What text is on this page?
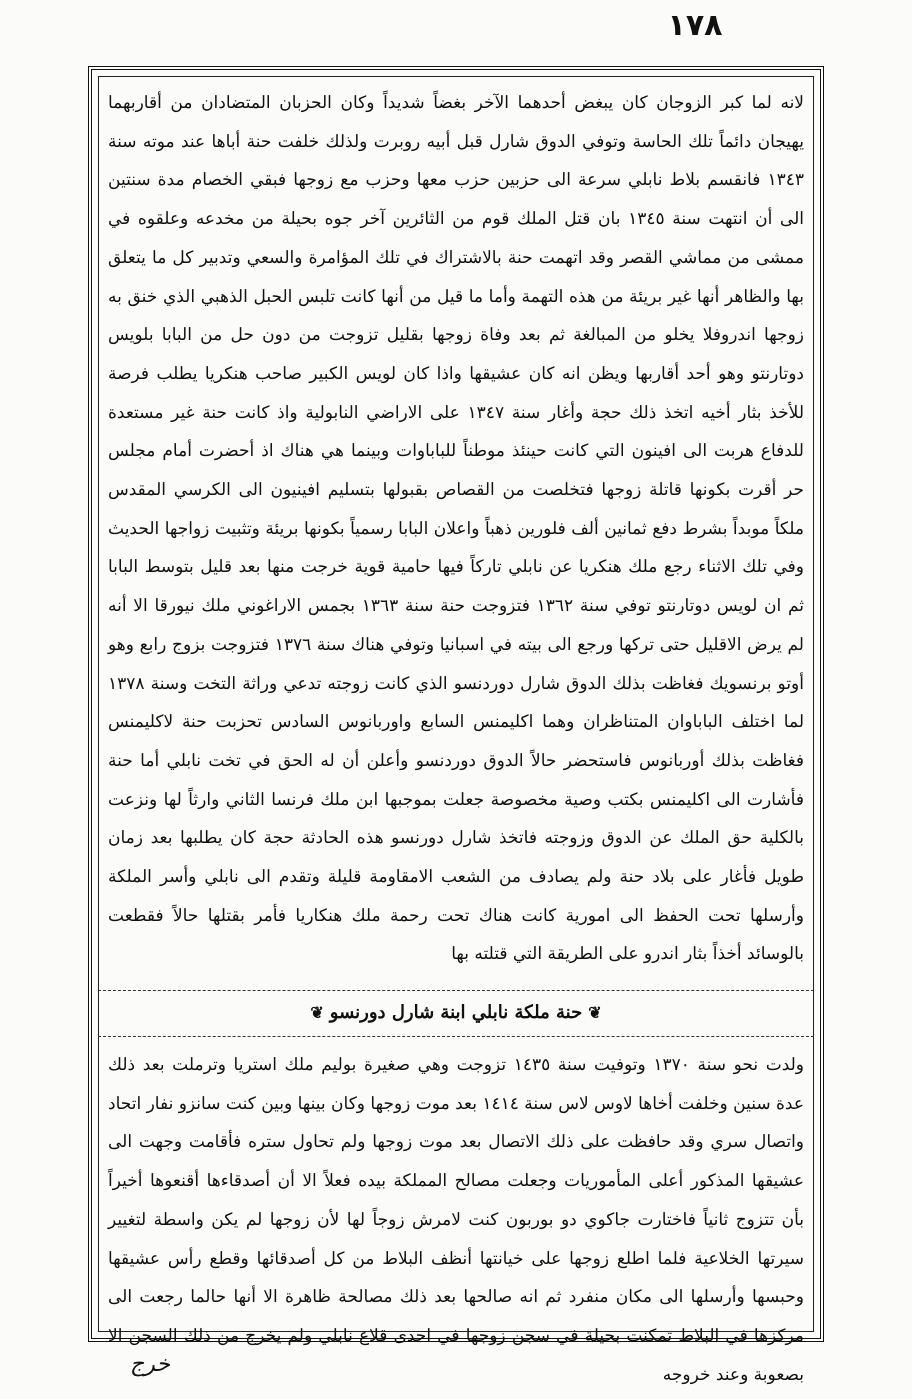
١٧٨

لانه لما كبر الزوجان كان يبغض أحدهما الآخر بغضاً شديداً وكان الحزبان المتضادان من أقاربهما يهيجان دائماً تلك الحاسة وتوفي الدوق شارل قبل أبيه روبرت ولذلك خلفت حنة أباها عند موته سنة ١٣٤٣ فانقسم بلاط نابلي سرعة الى حزبين حزب معها وحزب مع زوجها فبقي الخصام مدة سنتين الى أن انتهت سنة ١٣٤٥ بان قتل الملك قوم من الثائرين آخر جوه بحيلة من مخدعه وعلقوه في ممشى من مماشي القصر وقد اتهمت حنة بالاشتراك في تلك المؤامرة والسعي وتدبير كل ما يتعلق بها والظاهر أنها غير بريئة من هذه التهمة وأما ما قيل من أنها كانت تلبس الحبل الذهبي الذي خنق به زوجها اندروفلا يخلو من المبالغة ثم بعد وفاة زوجها بقليل تزوجت من دون حل من البابا بلويس دوتارنتو وهو أحد أقاربها ويظن انه كان عشيقها واذا كان لويس الكبير صاحب هنكريا يطلب فرصة للأخذ بثار أخيه اتخذ ذلك حجة وأغار سنة ١٣٤٧ على الاراضي النابولية واذ كانت حنة غير مستعدة للدفاع هربت الى افينون التي كانت حينئذ موطناً للباباوات وبينما هي هناك اذ أحضرت أمام مجلس حر أقرت بكونها قاتلة زوجها فتخلصت من القصاص بقبولها بتسليم افينيون الى الكرسي المقدس ملكاً موبداً بشرط دفع ثمانين ألف فلورين ذهباً واعلان البابا رسمياً بكونها بريئة وتثبيت زواجها الحديث وفي تلك الاثناء رجع ملك هنكريا عن نابلي تاركاً فيها حامية قوية خرجت منها بعد قليل بتوسط البابا ثم ان لويس دوتارنتو توفي سنة ١٣٦٢ فتزوجت حنة سنة ١٣٦٣ بجمس الاراغوني ملك نيورقا الا أنه لم يرض الاقليل حتى تركها ورجع الى بيته في اسبانيا وتوفي هناك سنة ١٣٧٦ فتزوجت بزوج رابع وهو أوتو برنسويك فغاظت بذلك الدوق شارل دوردنسو الذي كانت زوجته تدعي وراثة التخت وسنة ١٣٧٨ لما اختلف الباباوان المتناظران وهما اكليمنس السابع واوربانوس السادس تحزبت حنة لاكليمنس فغاظت بذلك أوربانوس فاستحضر حالاً الدوق دوردنسو وأعلن أن له الحق في تخت نابلي أما حنة فأشارت الى اكليمنس بكتب وصية مخصوصة جعلت بموجبها ابن ملك فرنسا الثاني وارثاً لها ونزعت بالكلية حق الملك عن الدوق وزوجته فاتخذ شارل دورنسو هذه الحادثة حجة كان يطلبها بعد زمان طويل فأغار على بلاد حنة ولم يصادف من الشعب الامقاومة قليلة وتقدم الى نابلي وأسر الملكة وأرسلها تحت الحفظ الى امورية كانت هناك تحت رحمة ملك هنكاريا فأمر بقتلها حالاً فقطعت بالوسائد أخذاً بثار اندرو على الطريقة التي قتلته بها

❦حنة ملكة نابلي ابنة شارل دورنسو❦

ولدت نحو سنة ١٣٧٠ وتوفيت سنة ١٤٣٥ تزوجت وهي صغيرة بوليم ملك استريا وترملت بعد ذلك عدة سنين وخلفت أخاها لاوس لاس سنة ١٤١٤ بعد موت زوجها وكان بينها وبين كنت سانزو نفار اتحاد واتصال سري وقد حافظت على ذلك الاتصال بعد موت زوجها ولم تحاول ستره فأقامت وجهت الى عشيقها المذكور أعلى المأموريات وجعلت مصالح المملكة بيده فعلاً الا أن أصدقاءها أقنعوها أخيراً بأن تتزوج ثانياً فاختارت جاكوي دو بوربون كنت لامرش زوجاً لها لأن زوجها لم يكن واسطة لتغيير سيرتها الخلاعية فلما اطلع زوجها على خيانتها أنظف البلاط من كل أصدقائها وقطع رأس عشيقها وحبسها وأرسلها الى مكان منفرد ثم انه صالحها بعد ذلك مصالحة ظاهرة الا أنها حالما رجعت الى مركزها في البلاط تمكنت بحيلة في سجن زوجها في احدى قلاع نابلي ولم يخرج من ذلك السجن الا بصعوبة وعند خروجه

خرج
